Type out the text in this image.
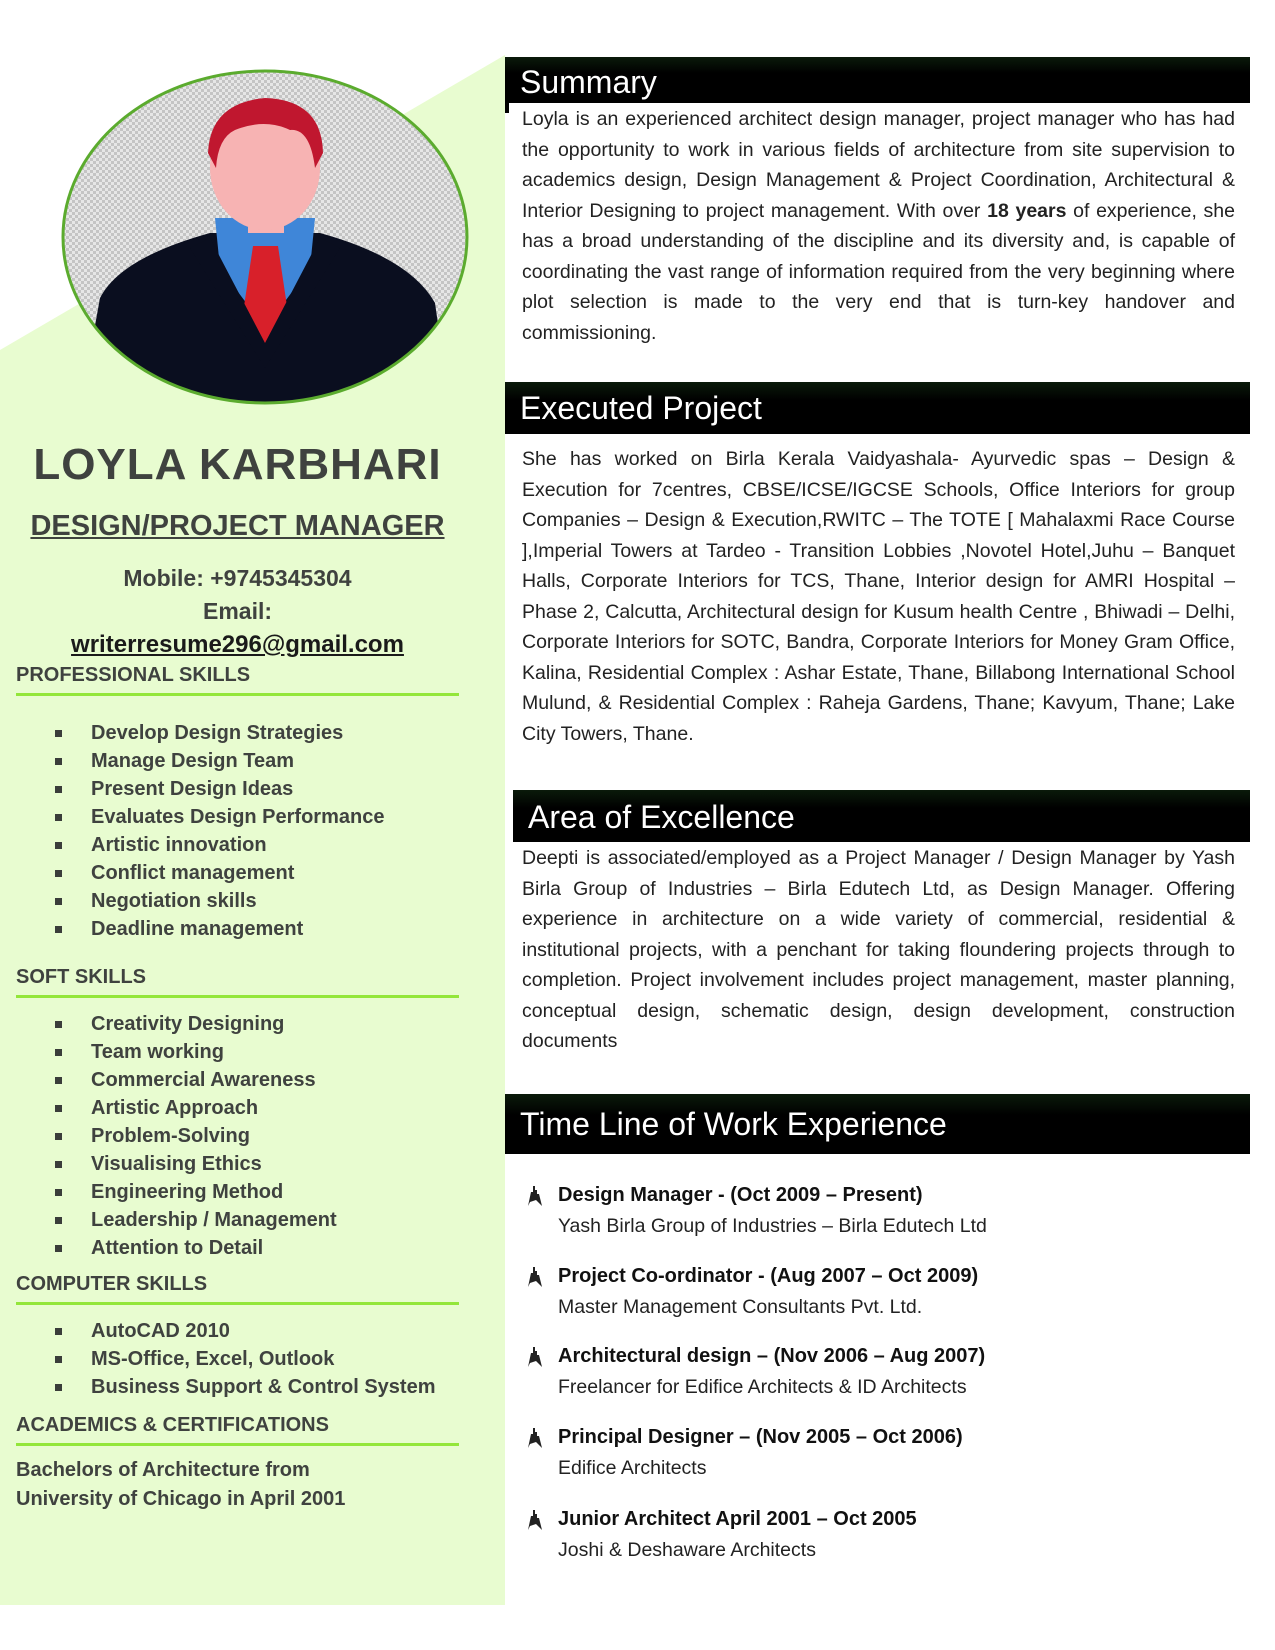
LOYLA KARBHARI
DESIGN/PROJECT MANAGER
Mobile: +9745345304
Email:
writerresume296@gmail.com
PROFESSIONAL SKILLS
Develop Design Strategies
Manage Design Team
Present Design Ideas
Evaluates Design Performance
Artistic innovation
Conflict management
Negotiation skills
Deadline management
SOFT SKILLS
Creativity Designing
Team working
Commercial Awareness
Artistic Approach
Problem-Solving
Visualising Ethics
Engineering Method
Leadership / Management
Attention to Detail
COMPUTER SKILLS
AutoCAD 2010
MS-Office, Excel, Outlook
Business Support & Control System
ACADEMICS & CERTIFICATIONS
Bachelors of Architecture from
University of Chicago in April 2001
Summary
Loyla is an experienced architect design manager, project manager who has had the opportunity to work in various fields of architecture from site supervision to academics design, Design Management & Project Coordination, Architectural & Interior Designing to project management. With over 18 years of experience, she has a broad understanding of the discipline and its diversity and, is capable of coordinating the vast range of information required from the very beginning where plot selection is made to the very end that is turn-key handover and commissioning.
Executed Project
She has worked on Birla Kerala Vaidyashala- Ayurvedic spas – Design & Execution for 7centres, CBSE/ICSE/IGCSE Schools, Office Interiors for group Companies – Design & Execution,RWITC – The TOTE [ Mahalaxmi Race Course ],Imperial Towers at Tardeo - Transition Lobbies ,Novotel Hotel,Juhu – Banquet Halls, Corporate Interiors for TCS, Thane, Interior design for AMRI Hospital – Phase 2, Calcutta, Architectural design for Kusum health Centre , Bhiwadi – Delhi, Corporate Interiors for SOTC, Bandra, Corporate Interiors for Money Gram Office, Kalina, Residential Complex : Ashar Estate, Thane, Billabong International School Mulund, & Residential Complex : Raheja Gardens, Thane; Kavyum, Thane; Lake City Towers, Thane.
Area of Excellence
Deepti is associated/employed as a Project Manager / Design Manager by Yash Birla Group of Industries – Birla Edutech Ltd, as Design Manager. Offering experience in architecture on a wide variety of commercial, residential & institutional projects, with a penchant for taking floundering projects through to completion. Project involvement includes project management, master planning, conceptual design, schematic design, design development, construction documents
Time Line of Work Experience
Design Manager - (Oct 2009 – Present)
Yash Birla Group of Industries – Birla Edutech Ltd
Project Co-ordinator - (Aug 2007 – Oct 2009)
Master Management Consultants Pvt. Ltd.
Architectural design – (Nov 2006 – Aug 2007)
Freelancer for Edifice Architects & ID Architects
Principal Designer – (Nov 2005 – Oct 2006)
Edifice Architects
Junior Architect April 2001 – Oct 2005
Joshi & Deshaware Architects
